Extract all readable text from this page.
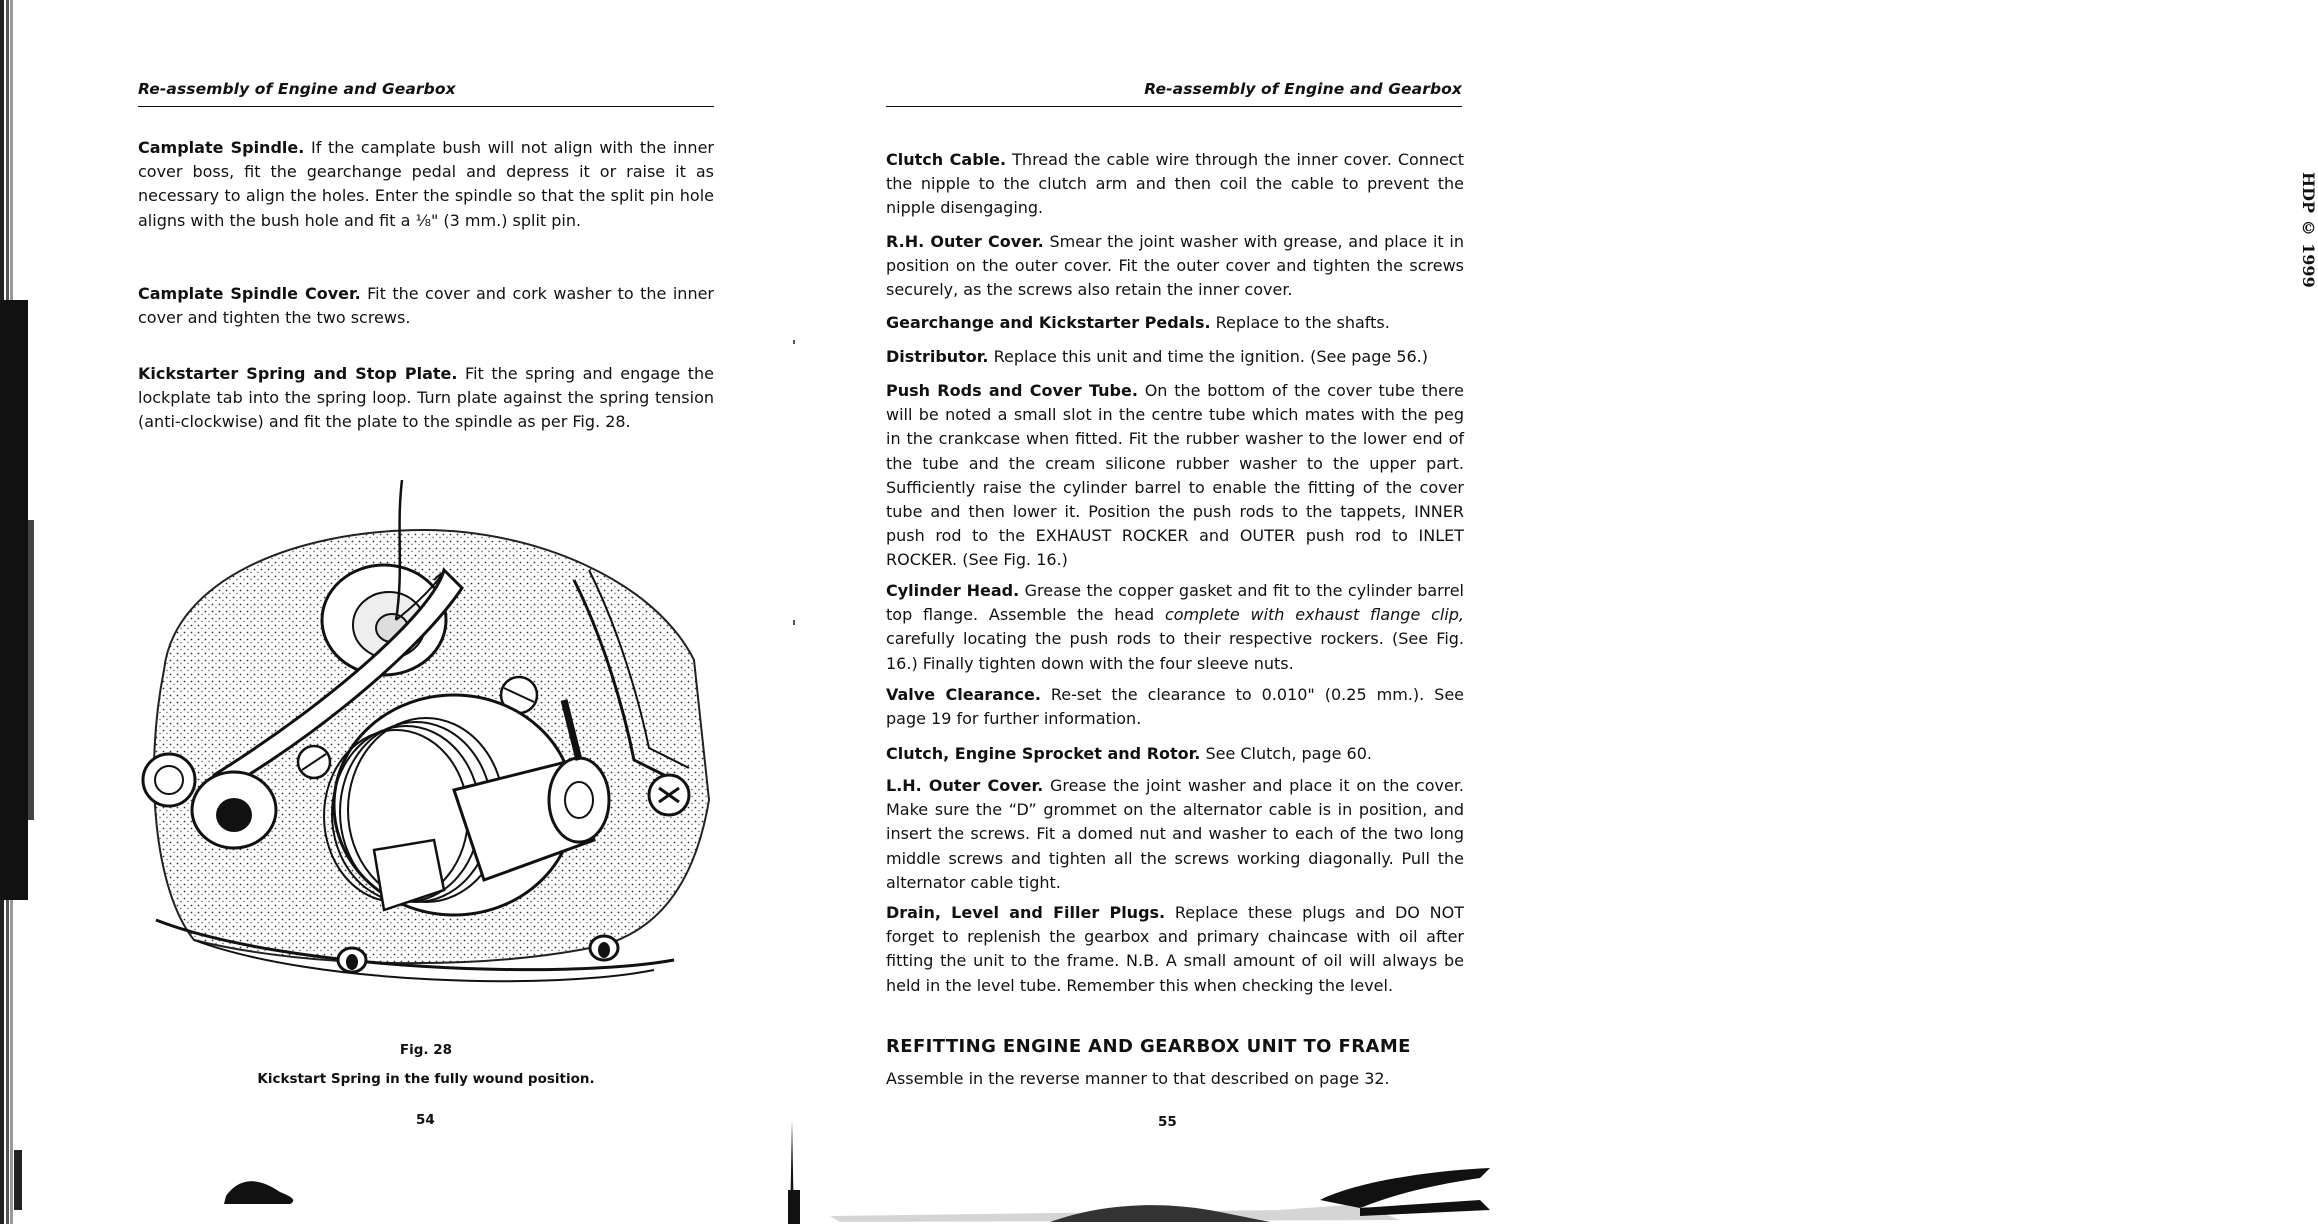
Re-assembly of Engine and Gearbox

Camplate Spindle. If the camplate bush will not align with the inner cover boss, fit the gearchange pedal and depress it or raise it as necessary to align the holes. Enter the spindle so that the split pin hole aligns with the bush hole and fit a ⅛" (3 mm.) split pin.

Camplate Spindle Cover. Fit the cover and cork washer to the inner cover and tighten the two screws.

Kickstarter Spring and Stop Plate. Fit the spring and engage the lockplate tab into the spring loop. Turn plate against the spring tension (anti-clockwise) and fit the plate to the spindle as per Fig. 28.

Fig. 28
Kickstart Spring in the fully wound position.
54
Re-assembly of Engine and Gearbox
HDP © 1999

Clutch Cable. Thread the cable wire through the inner cover. Connect the nipple to the clutch arm and then coil the cable to prevent the nipple disengaging.

R.H. Outer Cover. Smear the joint washer with grease, and place it in position on the outer cover. Fit the outer cover and tighten the screws securely, as the screws also retain the inner cover.

Gearchange and Kickstarter Pedals. Replace to the shafts.

Distributor. Replace this unit and time the ignition. (See page 56.)

Push Rods and Cover Tube. On the bottom of the cover tube there will be noted a small slot in the centre tube which mates with the peg in the crankcase when fitted. Fit the rubber washer to the lower end of the tube and the cream silicone rubber washer to the upper part. Sufficiently raise the cylinder barrel to enable the fitting of the cover tube and then lower it. Position the push rods to the tappets, INNER push rod to the EXHAUST ROCKER and OUTER push rod to INLET ROCKER. (See Fig. 16.)

Cylinder Head. Grease the copper gasket and fit to the cylinder barrel top flange. Assemble the head complete with exhaust flange clip, carefully locating the push rods to their respective rockers. (See Fig. 16.) Finally tighten down with the four sleeve nuts.

Valve Clearance. Re-set the clearance to 0.010" (0.25 mm.). See page 19 for further information.

Clutch, Engine Sprocket and Rotor. See Clutch, page 60.

L.H. Outer Cover. Grease the joint washer and place it on the cover. Make sure the “D” grommet on the alternator cable is in position, and insert the screws. Fit a domed nut and washer to each of the two long middle screws and tighten all the screws working diagonally. Pull the alternator cable tight.

Drain, Level and Filler Plugs. Replace these plugs and DO NOT forget to replenish the gearbox and primary chaincase with oil after fitting the unit to the frame. N.B. A small amount of oil will always be held in the level tube. Remember this when checking the level.

REFITTING ENGINE AND GEARBOX UNIT TO FRAME

Assemble in the reverse manner to that described on page 32.

55
